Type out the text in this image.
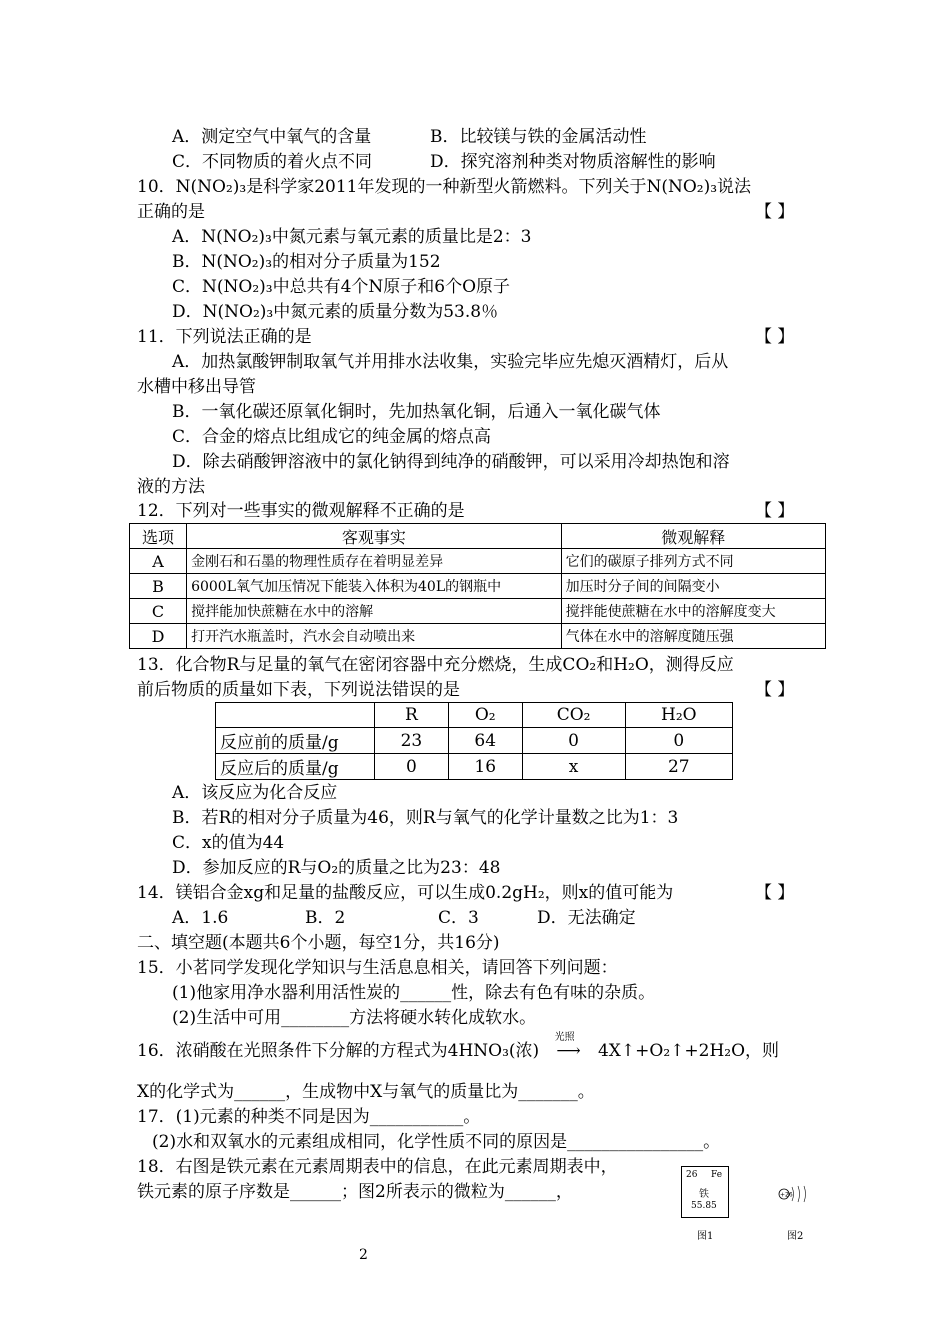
A．测定空气中氧气的含量	B．比较镁与铁的金属活动性
C．不同物质的着火点不同	D．探究溶剂种类对物质溶解性的影响
10．N(NO₂)₃是科学家2011年发现的一种新型火箭燃料。下列关于N(NO₂)₃说法
正确的是	【 】
A．N(NO₂)₃中氮元素与氧元素的质量比是2：3
B．N(NO₂)₃的相对分子质量为152
C．N(NO₂)₃中总共有4个N原子和6个O原子
D．N(NO₂)₃中氮元素的质量分数为53.8％
11．下列说法正确的是	【 】
A．加热氯酸钾制取氧气并用排水法收集，实验完毕应先熄灭酒精灯，后从
水槽中移出导管
B．一氧化碳还原氧化铜时，先加热氧化铜，后通入一氧化碳气体
C．合金的熔点比组成它的纯金属的熔点高
D．除去硝酸钾溶液中的氯化钠得到纯净的硝酸钾，可以采用冷却热饱和溶
液的方法
12．下列对一些事实的微观解释不正确的是	【 】
选项	客观事实	微观解释
A	金刚石和石墨的物理性质存在着明显差异	它们的碳原子排列方式不同
B	6000L氧气加压情况下能装入体积为40L的钢瓶中	加压时分子间的间隔变小
C	搅拌能加快蔗糖在水中的溶解	搅拌能使蔗糖在水中的溶解度变大
D	打开汽水瓶盖时，汽水会自动喷出来	气体在水中的溶解度随压强
13．化合物R与足量的氧气在密闭容器中充分燃烧，生成CO₂和H₂O，测得反应
前后物质的质量如下表，下列说法错误的是	【 】
	R	O₂	CO₂	H₂O
反应前的质量/g	23	64	0	0
反应后的质量/g	0	16	x	27
A．该反应为化合反应
B．若R的相对分子质量为46，则R与氧气的化学计量数之比为1：3
C．x的值为44
D．参加反应的R与O₂的质量之比为23：48
14．镁铝合金xg和足量的盐酸反应，可以生成0.2gH₂，则x的值可能为	【 】
A．1.6	B．2	C．3	D．无法确定
二、填空题(本题共6个小题，每空1分，共16分)
15．小茗同学发现化学知识与生活息息相关，请回答下列问题：
(1)他家用净水器利用活性炭的______性，除去有色有味的杂质。
(2)生活中可用________方法将硬水转化成软水。
16．浓硝酸在光照条件下分解的方程式为4HNO₃(浓)
光照
⟶ 4X↑+O₂↑+2H₂O，则
X的化学式为______，生成物中X与氧气的质量比为_______。
17．(1)元素的种类不同是因为___________。
(2)水和双氧水的元素组成相同，化学性质不同的原因是________________。
18．右图是铁元素在元素周期表中的信息，在此元素周期表中，
铁元素的原子序数是______；图2所表示的微粒为______，
26 Fe
铁
55.85
图1
+26
图2
2
